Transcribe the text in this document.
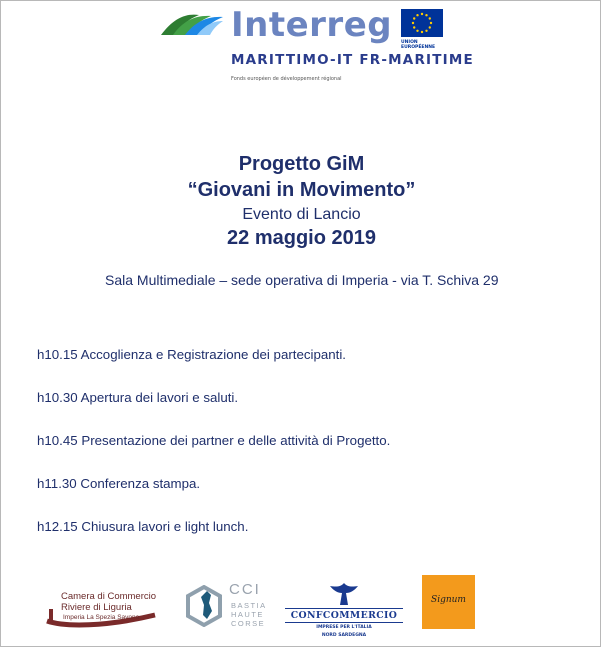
Interreg UNION
EUROPÉENNE
MARITTIMO-IT FR-MARITIME
Fonds européen de développement régional
Progetto GiM
“Giovani in Movimento”
Evento di Lancio
22 maggio 2019
Sala Multimediale – sede operativa di Imperia - via T. Schiva 29
h10.15 Accoglienza e Registrazione dei partecipanti.
h10.30 Apertura dei lavori e saluti.
h10.45 Presentazione dei partner e delle attività di Progetto.
h11.30 Conferenza stampa.
h12.15 Chiusura lavori e light lunch.
Camera di Commercio
Riviere di Liguria
Imperia La Spezia Savona
CCI
BASTIA
HAUTE
CORSE
CONFCOMMERCIO
IMPRESE PER L'ITALIA
NORD SARDEGNA
Signum
